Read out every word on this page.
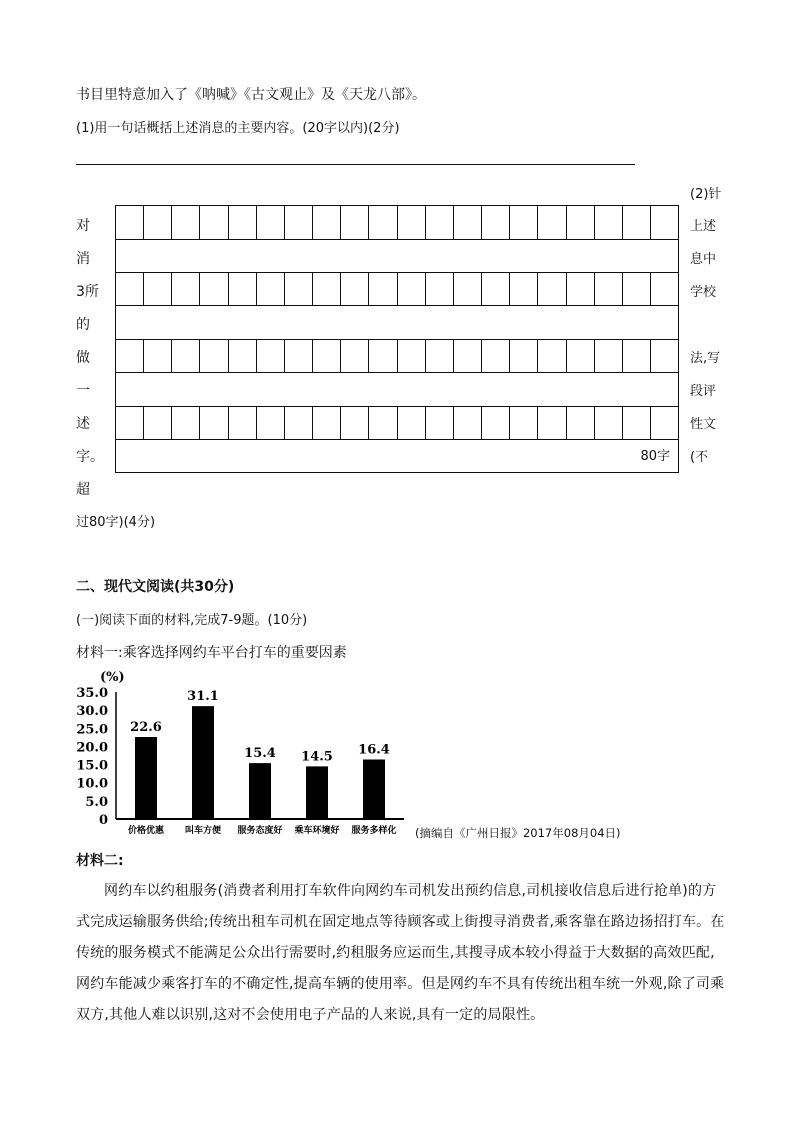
书目里特意加入了《呐喊》《古文观止》及《天龙八部》。
(1)用一句话概括上述消息的主要内容。(20字以内)(2分)
(2)针
对	上述
消	息中
3所	学校
的
做	法,写
一	段评
述	性文
字。	(不
超
过80字)(4分)
80字
二、现代文阅读(共30分)
(一)阅读下面的材料,完成7-9题。(10分)
材料一:乘客选择网约车平台打车的重要因素
(%)
35.0
30.0
25.0
20.0
15.0
10.0
5.0
0
22.6
31.1
15.4 14.5 16.4
价格优惠 叫车方便 服务态度好 乘车环境好 服务多样化 (摘编自《广州日报》2017年08月04日)
材料二:
网约车以约租服务(消费者利用打车软件向网约车司机发出预约信息,司机接收信息后进行抢单)的方式完成运输服务供给;传统出租车司机在固定地点等待顾客或上街搜寻消费者,乘客靠在路边扬招打车。在传统的服务模式不能满足公众出行需要时,约租服务应运而生,其搜寻成本较小得益于大数据的高效匹配,网约车能减少乘客打车的不确定性,提高车辆的使用率。但是网约车不具有传统出租车统一外观,除了司乘双方,其他人难以识别,这对不会使用电子产品的人来说,具有一定的局限性。
